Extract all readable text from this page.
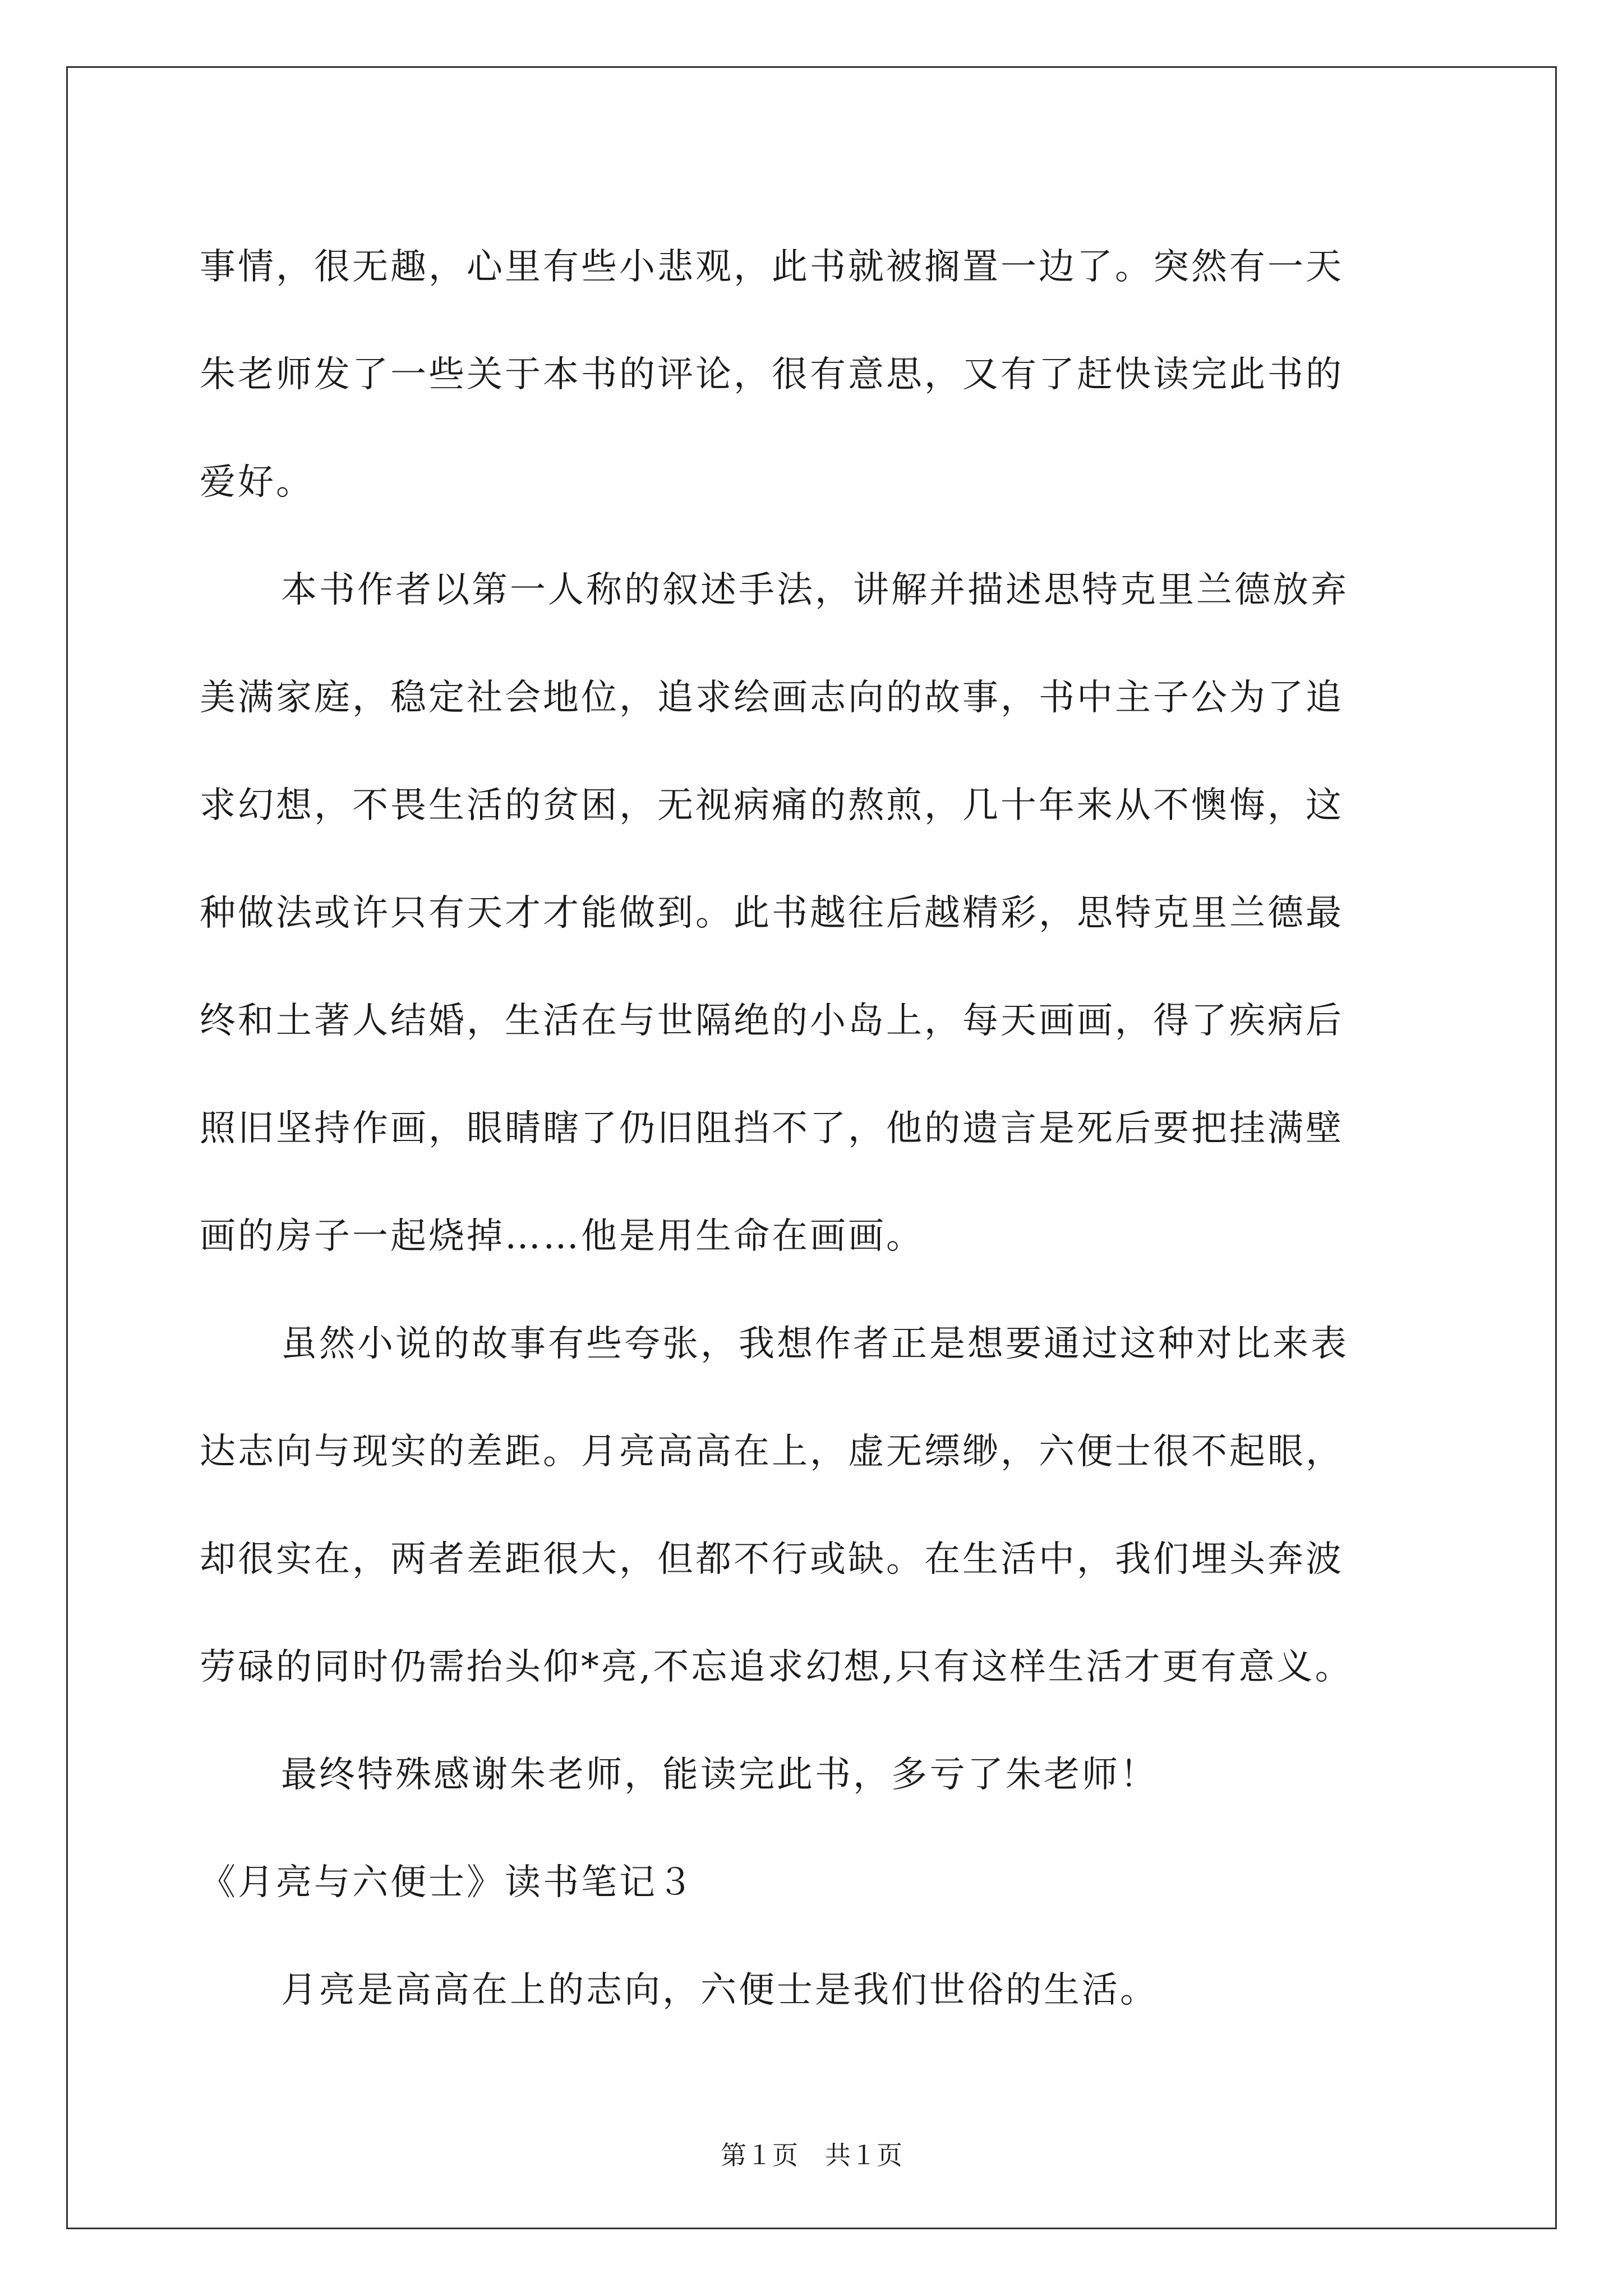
事情，很无趣，心里有些小悲观，此书就被搁置一边了。突然有一天
朱老师发了一些关于本书的评论，很有意思，又有了赶快读完此书的
爱好。

本书作者以第一人称的叙述手法，讲解并描述思特克里兰德放弃
美满家庭，稳定社会地位，追求绘画志向的故事，书中主子公为了追
求幻想，不畏生活的贫困，无视病痛的熬煎，几十年来从不懊悔，这
种做法或许只有天才才能做到。此书越往后越精彩，思特克里兰德最
终和土著人结婚，生活在与世隔绝的小岛上，每天画画，得了疾病后
照旧坚持作画，眼睛瞎了仍旧阻挡不了，他的遗言是死后要把挂满壁
画的房子一起烧掉……他是用生命在画画。

虽然小说的故事有些夸张，我想作者正是想要通过这种对比来表
达志向与现实的差距。月亮高高在上，虚无缥缈，六便士很不起眼，
却很实在，两者差距很大，但都不行或缺。在生活中，我们埋头奔波
劳碌的同时仍需抬头仰*亮,不忘追求幻想,只有这样生活才更有意义。

最终特殊感谢朱老师，能读完此书，多亏了朱老师！

《月亮与六便士》读书笔记３

月亮是高高在上的志向，六便士是我们世俗的生活。

第１页 共１页
